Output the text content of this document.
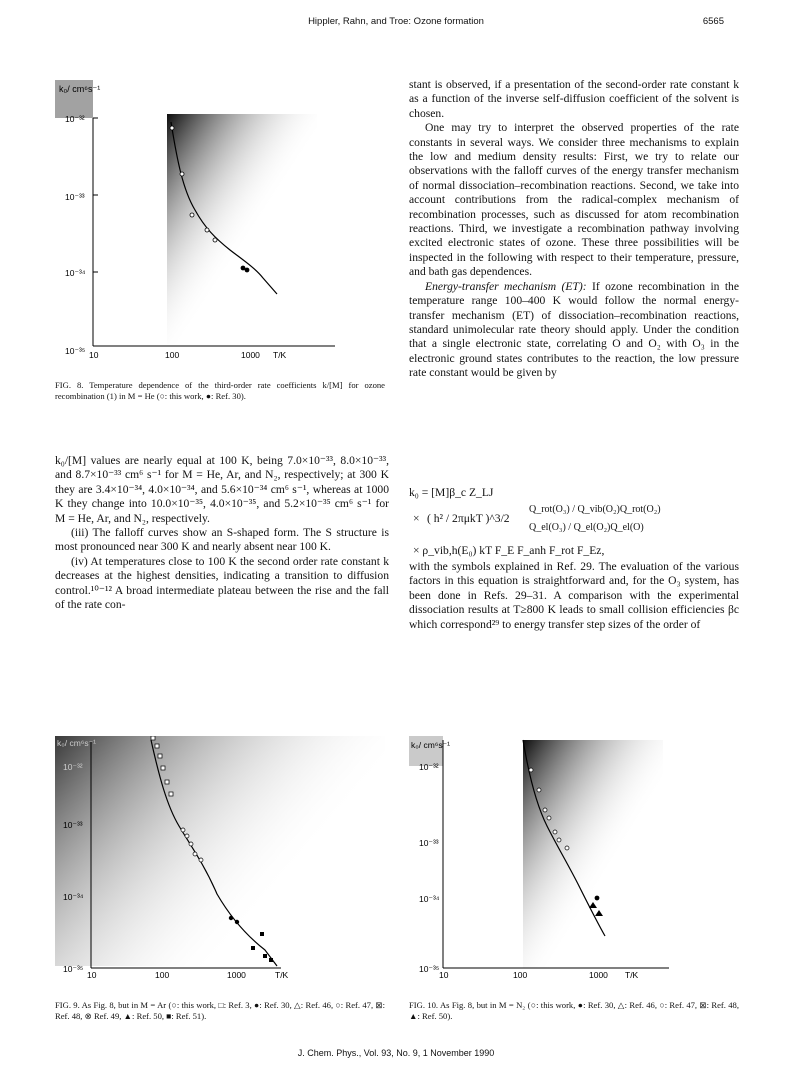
Hippler, Rahn, and Troe: Ozone formation	6565
k₀/ cm⁶s⁻¹
10⁻³²
10⁻³³
10⁻³⁴
10⁻³⁵ 10	100	1000 T/K
FIG. 8. Temperature dependence of the third-order rate coefficients k/[M] for ozone recombination (1) in M = He (○: this work, ●: Ref. 30).

k₀/[M] values are nearly equal at 100 K, being 7.0×10⁻³³, 8.0×10⁻³³, and 8.7×10⁻³³ cm⁶ s⁻¹ for M = He, Ar, and N₂, respectively; at 300 K they are 3.4×10⁻³⁴, 4.0×10⁻³⁴, and 5.6×10⁻³⁴ cm⁶ s⁻¹, whereas at 1000 K they change into 10.0×10⁻³⁵, 4.0×10⁻³⁵, and 5.2×10⁻³⁵ cm⁶ s⁻¹ for M = He, Ar, and N₂, respectively.

(iii) The falloff curves show an S-shaped form. The S structure is most pronounced near 300 K and nearly absent near 100 K.

(iv) At temperatures close to 100 K the second order rate constant k decreases at the highest densities, indicating a transition to diffusion control.¹⁰⁻¹² A broad intermediate plateau between the rise and the fall of the rate con-

stant is observed, if a presentation of the second-order rate constant k as a function of the inverse self-diffusion coefficient of the solvent is chosen.

One may try to interpret the observed properties of the rate constants in several ways. We consider three mechanisms to explain the low and medium density results: First, we try to relate our observations with the falloff curves of the energy transfer mechanism of normal dissociation–recombination reactions. Second, we take into account contributions from the radical-complex mechanism of recombination processes, such as discussed for atom recombination reactions. Third, we investigate a recombination pathway involving excited electronic states of ozone. These three possibilities will be inspected in the following with respect to their temperature, pressure, and bath gas dependences.

Energy-transfer mechanism (ET): If ozone recombination in the temperature range 100–400 K would follow the normal energy-transfer mechanism (ET) of dissociation–recombination reactions, standard unimolecular rate theory should apply. Under the condition that a single electronic state, correlating O and O₂ with O₃ in the electronic ground states contributes to the reaction, the low pressure rate constant would be given by

k₀ = [M]β_c Z_LJ
× ( h² / 2πμkT )^3/2
Q_rot(O₃) / Q_vib(O₂)Q_rot(O₂)
Q_el(O₃) / Q_el(O₂)Q_el(O)
× ρ_vib,h(E₀) kT F_E F_anh F_rot F_Ez,

with the symbols explained in Ref. 29. The evaluation of the various factors in this equation is straightforward and, for the O₃ system, has been done in Refs. 29–31. A comparison with the experimental dissociation results at T≥800 K leads to small collision efficiencies βc which correspond²⁹ to energy transfer step sizes of the order of

k₀/ cm⁶s⁻¹
10⁻³²
10⁻³³
10⁻³⁴
10⁻³⁵
10	100	1000	T/K
FIG. 9. As Fig. 8, but in M = Ar (○: this work, □: Ref. 3, ●: Ref. 30, △: Ref. 46, ○: Ref. 47, ⊠: Ref. 48, ⊗ Ref. 49, ▲: Ref. 50, ■: Ref. 51).
k₀/ cm⁶s⁻¹
10⁻³²
10⁻³³
10⁻³⁴
10⁻³⁵
10	100	1000 T/K
FIG. 10. As Fig. 8, but in M = N₂ (○: this work, ●: Ref. 30, △: Ref. 46, ○: Ref. 47, ⊠: Ref. 48, ▲: Ref. 50).
J. Chem. Phys., Vol. 93, No. 9, 1 November 1990
